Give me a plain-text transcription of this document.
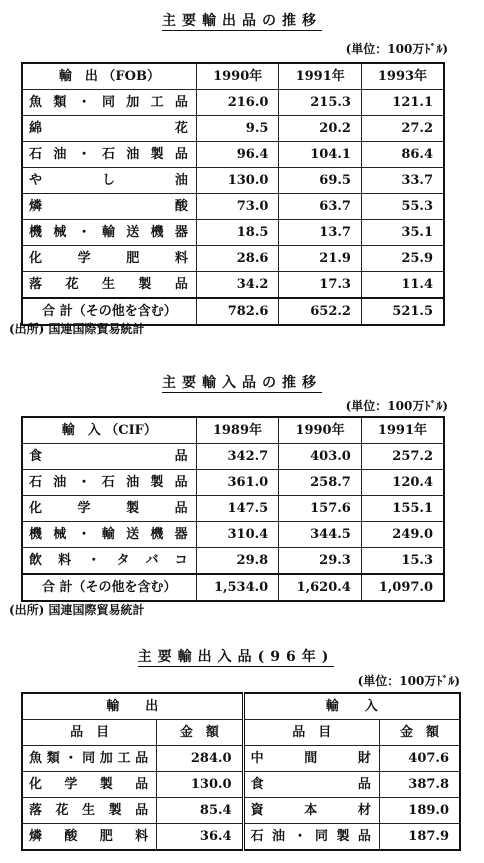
主要輸出品の推移
(単位：100万ﾄﾞﾙ)
輸　出 （FOB）	1990年	1991年	1993年
魚類・同加工品	216.0	215.3	121.1
綿花	9.5	20.2	27.2
石油・石油製品	96.4	104.1	86.4
やし油	130.0	69.5	33.7
燐酸	73.0	63.7	55.3
機械・輸送機器	18.5	13.7	35.1
化学肥料	28.6	21.9	25.9
落花生製品	34.2	17.3	11.4
合 計（その他を含む）	782.6	652.2	521.5
(出所) 国連国際貿易統計
主要輸入品の推移
(単位：100万ﾄﾞﾙ)
輸　入 （CIF）	1989年	1990年	1991年
食品	342.7	403.0	257.2
石油・石油製品	361.0	258.7	120.4
化学製品	147.5	157.6	155.1
機械・輸送機器	310.4	344.5	249.0
飲料・タバコ	29.8	29.3	15.3
合 計（その他を含む）	1,534.0	1,620.4	1,097.0
(出所) 国連国際貿易統計
主要輸出入品(96年)
(単位：100万ﾄﾞﾙ)
輸　　出		輸　　入	
品　目	金　額	品　目	金　額
魚類・同加工品	284.0	中間財	407.6
化学製品	130.0	食品	387.8
落花生製品	85.4	資本材	189.0
燐酸肥料	36.4	石油・同製品	187.9
